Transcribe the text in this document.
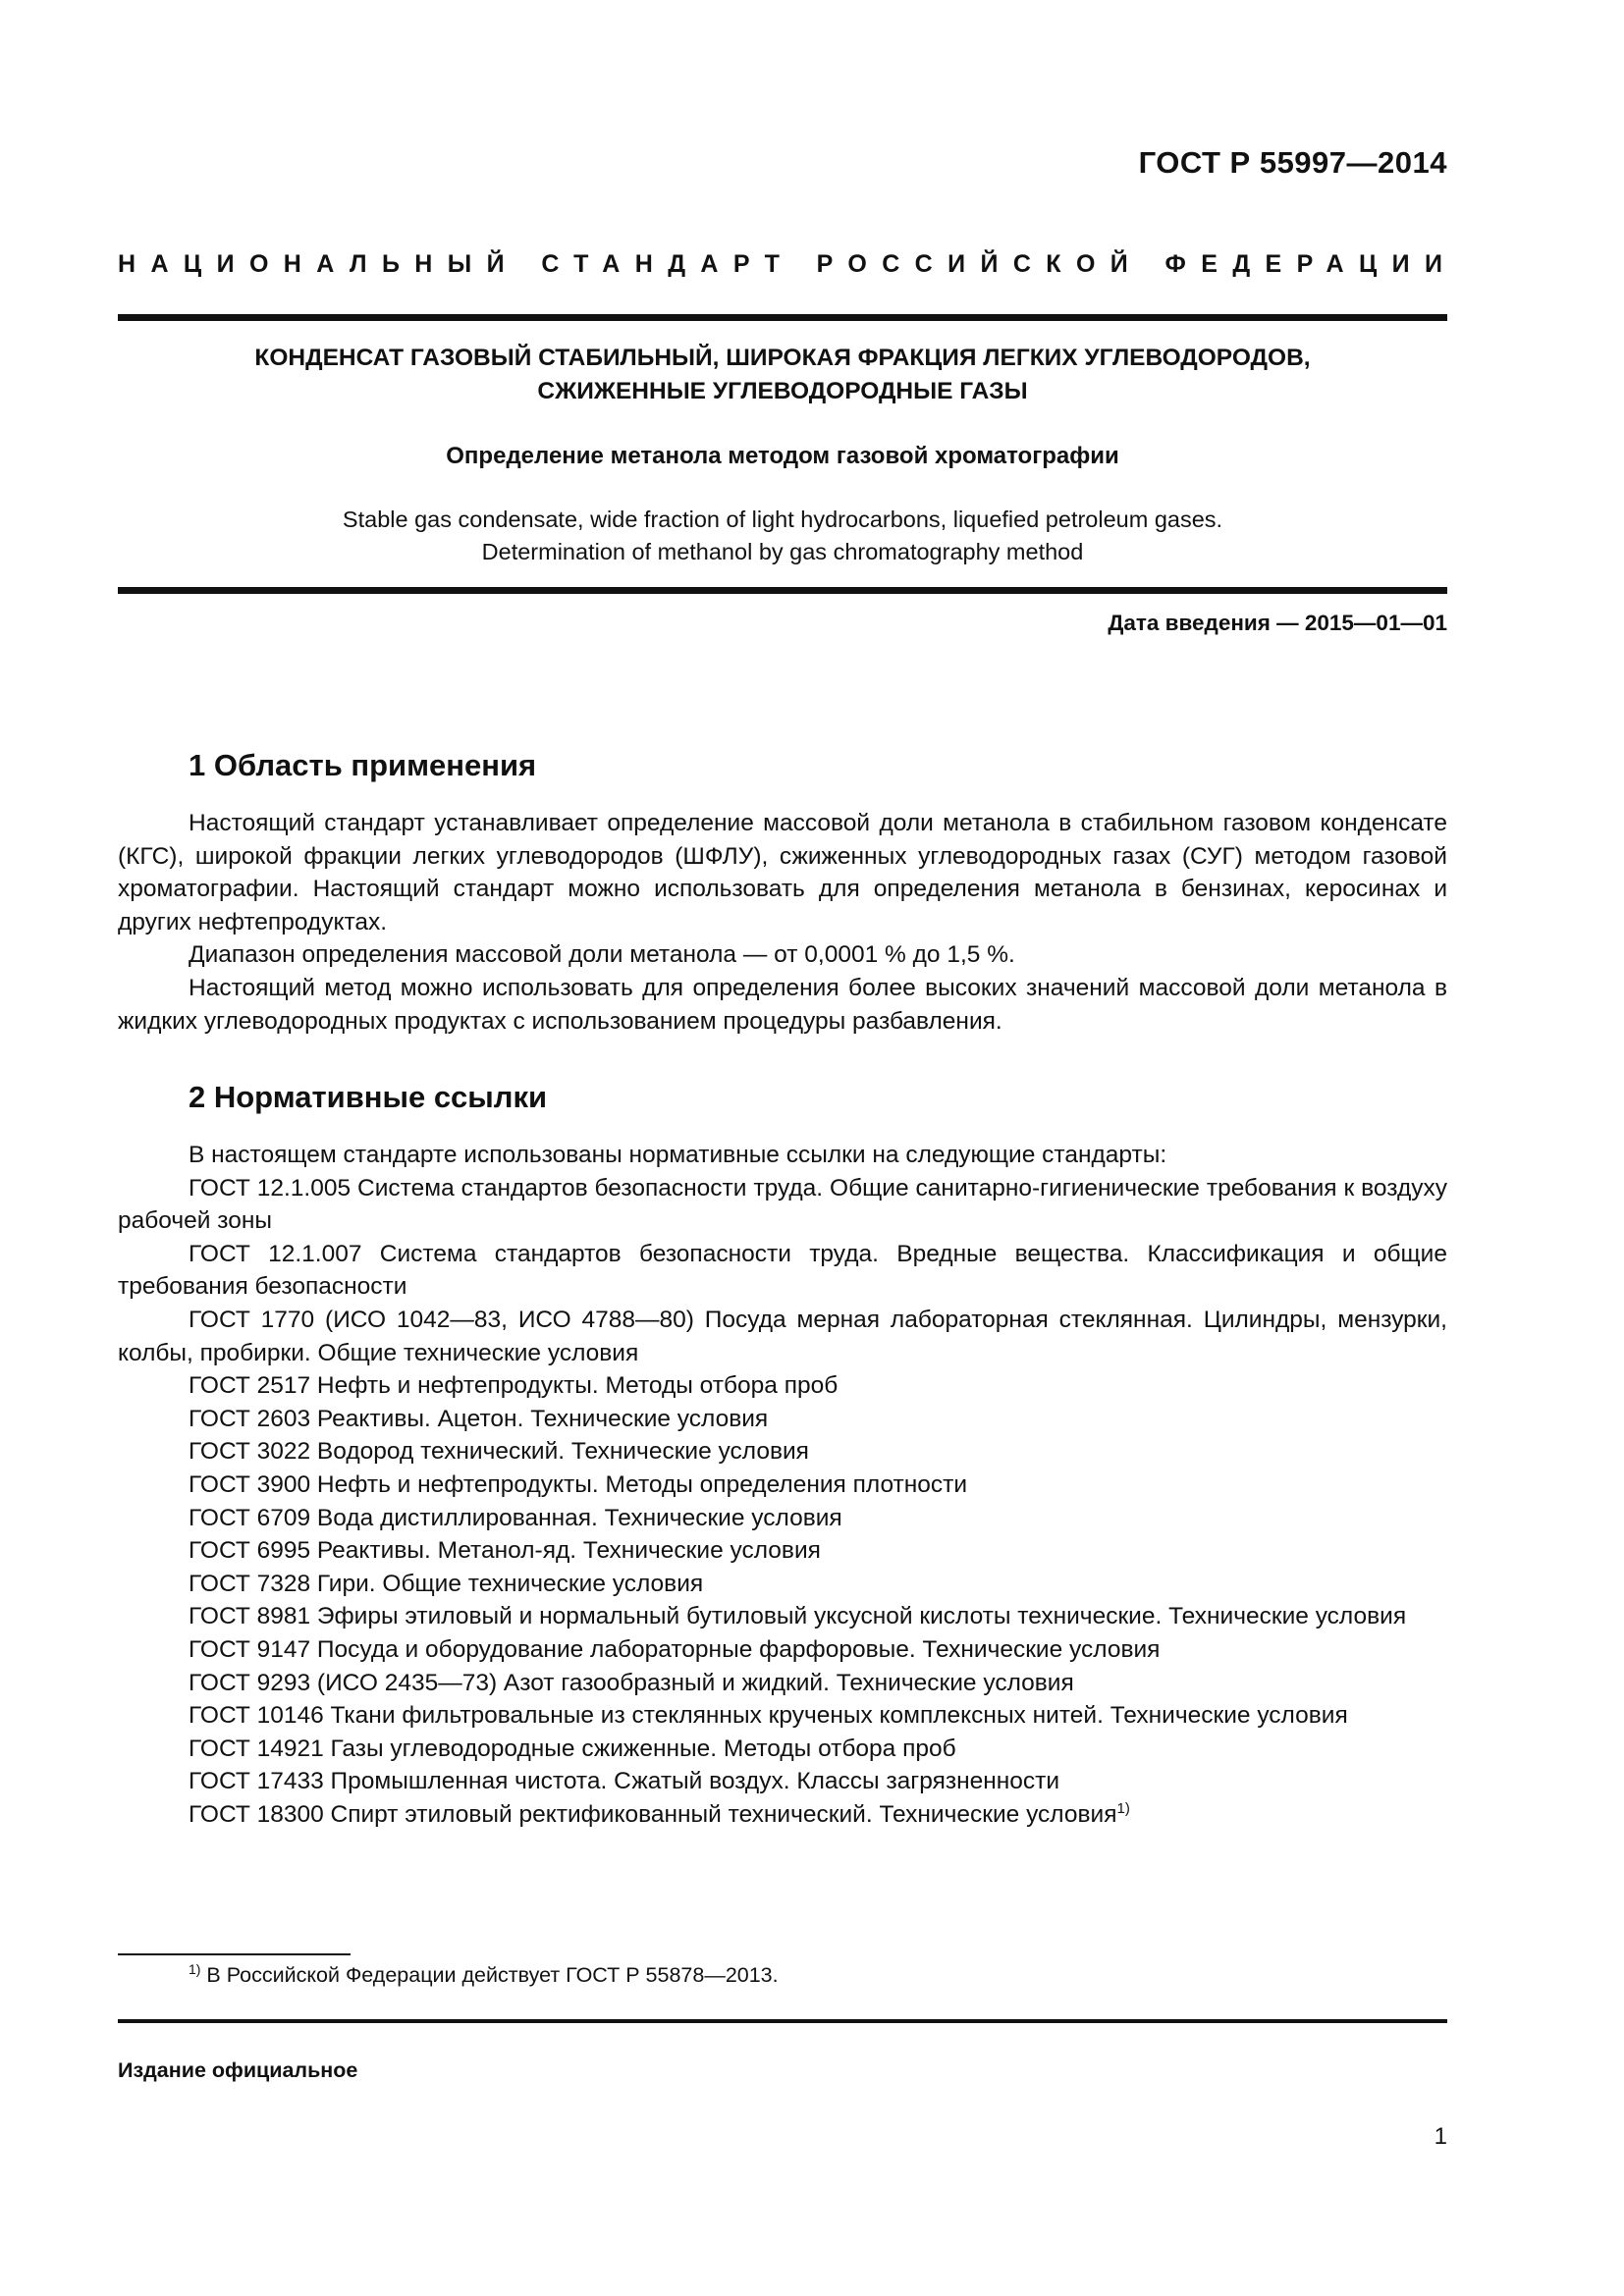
ГОСТ Р 55997—2014
НАЦИОНАЛЬНЫЙ СТАНДАРТ РОССИЙСКОЙ ФЕДЕРАЦИИ

КОНДЕНСАТ ГАЗОВЫЙ СТАБИЛЬНЫЙ, ШИРОКАЯ ФРАКЦИЯ ЛЕГКИХ УГЛЕВОДОРОДОВ,

СЖИЖЕННЫЕ УГЛЕВОДОРОДНЫЕ ГАЗЫ

Определение метанола методом газовой хроматографии

Stable gas condensate, wide fraction of light hydrocarbons, liquefied petroleum gases.
Determination of methanol by gas chromatography method
Дата введения — 2015—01—01
1 Область применения

Настоящий стандарт устанавливает определение массовой доли метанола в стабильном газовом конденсате (КГС), широкой фракции легких углеводородов (ШФЛУ), сжиженных углеводородных газах (СУГ) методом газовой хроматографии. Настоящий стандарт можно использовать для определения метанола в бензинах, керосинах и других нефтепродуктах.

Диапазон определения массовой доли метанола — от 0,0001 % до 1,5 %.

Настоящий метод можно использовать для определения более высоких значений массовой доли метанола в жидких углеводородных продуктах с использованием процедуры разбавления.

2 Нормативные ссылки

В настоящем стандарте использованы нормативные ссылки на следующие стандарты:

ГОСТ 12.1.005 Система стандартов безопасности труда. Общие санитарно-гигиенические требования к воздуху рабочей зоны

ГОСТ 12.1.007 Система стандартов безопасности труда. Вредные вещества. Классификация и общие требования безопасности

ГОСТ 1770 (ИСО 1042—83, ИСО 4788—80) Посуда мерная лабораторная стеклянная. Цилиндры, мензурки, колбы, пробирки. Общие технические условия

ГОСТ 2517 Нефть и нефтепродукты. Методы отбора проб

ГОСТ 2603 Реактивы. Ацетон. Технические условия

ГОСТ 3022 Водород технический. Технические условия

ГОСТ 3900 Нефть и нефтепродукты. Методы определения плотности

ГОСТ 6709 Вода дистиллированная. Технические условия

ГОСТ 6995 Реактивы. Метанол-яд. Технические условия

ГОСТ 7328 Гири. Общие технические условия

ГОСТ 8981 Эфиры этиловый и нормальный бутиловый уксусной кислоты технические. Технические условия

ГОСТ 9147 Посуда и оборудование лабораторные фарфоровые. Технические условия

ГОСТ 9293 (ИСО 2435—73) Азот газообразный и жидкий. Технические условия

ГОСТ 10146 Ткани фильтровальные из стеклянных крученых комплексных нитей. Технические условия

ГОСТ 14921 Газы углеводородные сжиженные. Методы отбора проб

ГОСТ 17433 Промышленная чистота. Сжатый воздух. Классы загрязненности

ГОСТ 18300 Спирт этиловый ректификованный технический. Технические условия$^{1)}$

$^{1)}$ В Российской Федерации действует ГОСТ Р 55878—2013.
Издание официальное
1
